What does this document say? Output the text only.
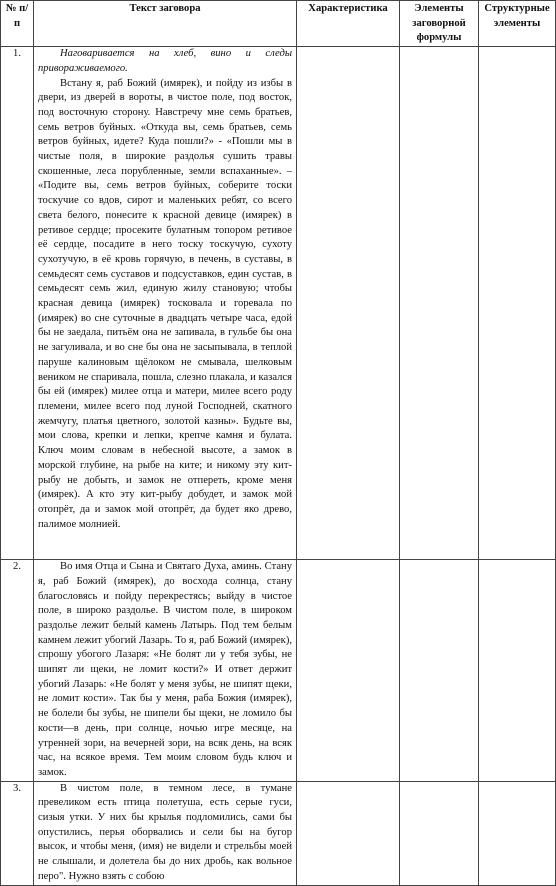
№ п/п	Текст заговора	Характеристика	Элементы заговорной формулы	Структурные элементы
1.	Наговаривается на хлеб, вино и следы привораживаемого.

Встану я, раб Божий (имярек), и пойду из избы в двери, из дверей в вороты, в чистое поле, под восток, под восточную сторону. Навстречу мне семь братьев, семь ветров буйных. «Откуда вы, семь братьев, семь ветров буйных, идете? Куда пошли?» - «Пошли мы в чистые поля, в широкие раздолья сушить травы скошенные, леса порубленные, земли вспаханные». – «Подите вы, семь ветров буйных, соберите тоски тоскучие со вдов, сирот и маленьких ребят, со всего света белого, понесите к красной девице (имярек) в ретивое сердце; просеките булатным топором ретивое её сердце, посадите в него тоску тоскучую, сухоту сухотучую, в её кровь горячую, в печень, в суставы, в семьдесят семь суставов и подсуставков, един сустав, в семьдесят семь жил, единую жилу становую; чтобы красная девица (имярек) тосковала и горевала по (имярек) во сне суточные в двадцать четыре часа, едой бы не заедала, питьём она не запивала, в гульбе бы она не загуливала, и во сне бы она не засыпывала, в теплой паруше калиновым щёлоком не смывала, шелковым веником не спаривала, пошла, слезно плакала, и казался бы ей (имярек) милее отца и матери, милее всего роду племени, милее всего под луной Господней, скатного жемчугу, платья цветного, золотой казны». Будьте вы, мои слова, крепки и лепки, крепче камня и булата. Ключ моим словам в небесной высоте, а замок в морской глубине, на рыбе на ките; и никому эту кит-рыбу не добыть, и замок не отпереть, кроме меня (имярек). А кто эту кит-рыбу добудет, и замок мой отопрёт, да и замок мой отопрёт, да будет яко древо, палимое молнией.			

2.	Во имя Отца и Сына и Святаго Духа, аминь. Стану я, раб Божий (имярек), до восхода солнца, стану благословясь и пойду перекрестясь; выйду в чистое поле, в широко раздолье. В чистом поле, в широком раздолье лежит белый камень Латырь. Под тем белым камнем лежит убогий Лазарь. То я, раб Божий (имярек), спрошу убогого Лазаря: «Не болят ли у тебя зубы, не шипят ли щеки, не ломит кости?» И ответ держит убогий Лазарь: «Не болят у меня зубы, не шипят щеки, не ломит кости». Так бы у меня, раба Божия (имярек), не болели бы зубы, не шипели бы щеки, не ломило бы кости—в день, при солнце, ночью игре месяце, на утренней зори, на вечерней зори, на всяк день, на всяк час, на всякое время. Тем моим словом будь ключ и замок.			

3.	В чистом поле, в темном лесе, в тумане превеликом есть птица полетуша, есть серые гуси, сизыя утки. У них бы крылья подломились, сами бы опустились, перья оборвались и сели бы на бугор высок, и чтобы меня, (имя) не видели и стрельбы моей не слышали, и долетела бы до них дробь, как вольное перо". Нужно взять с собою			
